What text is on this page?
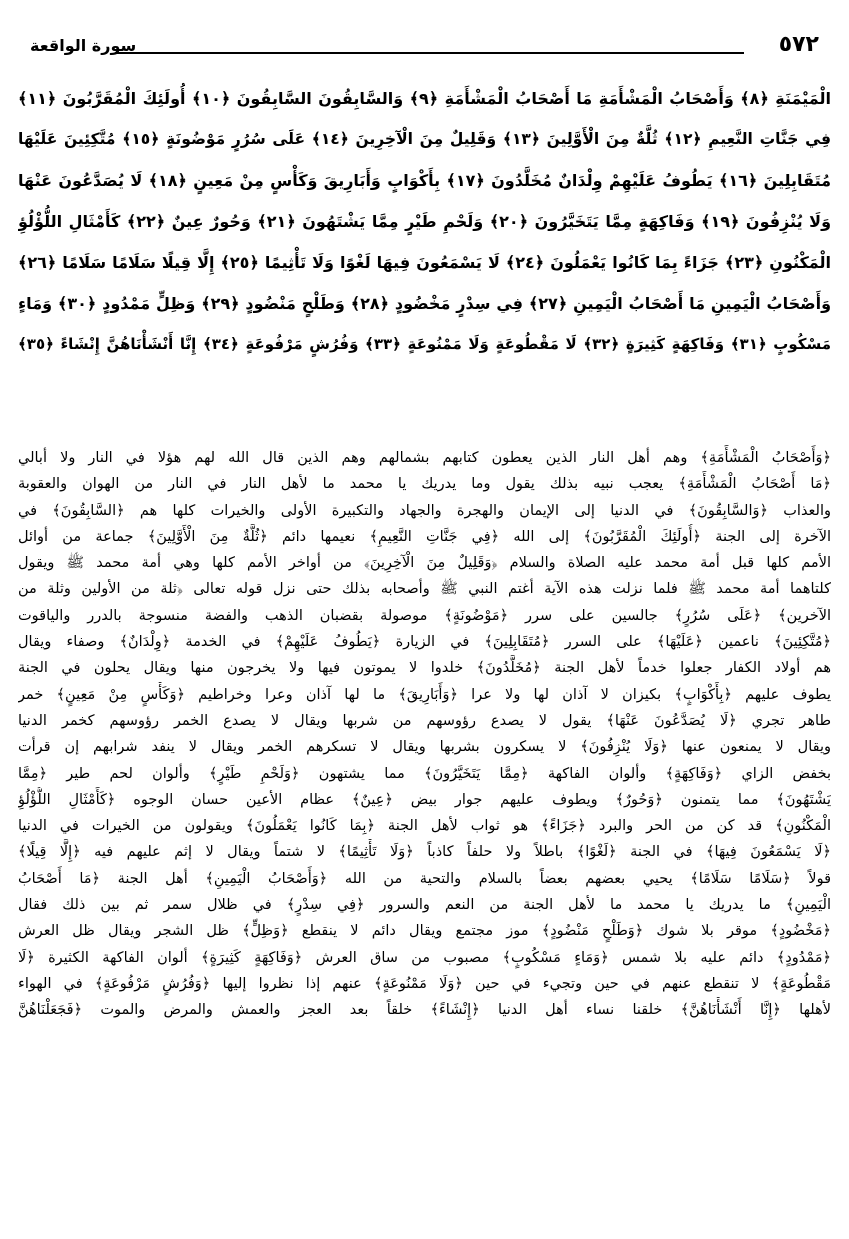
٥٧٢
سورة الواقعة
الْمَيْمَنَةِ ﴿٨﴾ وَأَصْحَابُ الْمَشْأَمَةِ مَا أَصْحَابُ الْمَشْأَمَةِ ﴿٩﴾ وَالسَّابِقُونَ السَّابِقُونَ ﴿١٠﴾ أُولَئِكَ الْمُقَرَّبُونَ ﴿١١﴾
فِي جَنَّاتِ النَّعِيمِ ﴿١٢﴾ ثُلَّةٌ مِنَ الْأَوَّلِينَ ﴿١٣﴾ وَقَلِيلٌ مِنَ الْآخِرِينَ ﴿١٤﴾ عَلَى سُرُرٍ مَوْضُونَةٍ ﴿١٥﴾ مُتَّكِئِينَ عَلَيْهَا
مُتَقَابِلِينَ ﴿١٦﴾ يَطُوفُ عَلَيْهِمْ وِلْدَانٌ مُخَلَّدُونَ ﴿١٧﴾ بِأَكْوَابٍ وَأَبَارِيقَ وَكَأْسٍ مِنْ مَعِينٍ ﴿١٨﴾ لَا يُصَدَّعُونَ عَنْهَا
وَلَا يُنْزِفُونَ ﴿١٩﴾ وَفَاكِهَةٍ مِمَّا يَتَخَيَّرُونَ ﴿٢٠﴾ وَلَحْمِ طَيْرٍ مِمَّا يَشْتَهُونَ ﴿٢١﴾ وَحُورٌ عِينٌ ﴿٢٢﴾ كَأَمْثَالِ اللُّؤْلُؤِ
الْمَكْنُونِ ﴿٢٣﴾ جَزَاءً بِمَا كَانُوا يَعْمَلُونَ ﴿٢٤﴾ لَا يَسْمَعُونَ فِيهَا لَغْوًا وَلَا تَأْثِيمًا ﴿٢٥﴾ إِلَّا قِيلًا سَلَامًا سَلَامًا ﴿٢٦﴾
وَأَصْحَابُ الْيَمِينِ مَا أَصْحَابُ الْيَمِينِ ﴿٢٧﴾ فِي سِدْرٍ مَخْضُودٍ ﴿٢٨﴾ وَطَلْحٍ مَنْضُودٍ ﴿٢٩﴾ وَظِلٍّ مَمْدُودٍ ﴿٣٠﴾ وَمَاءٍ
مَسْكُوبٍ ﴿٣١﴾ وَفَاكِهَةٍ كَثِيرَةٍ ﴿٣٢﴾ لَا مَقْطُوعَةٍ وَلَا مَمْنُوعَةٍ ﴿٣٣﴾ وَفُرُشٍ مَرْفُوعَةٍ ﴿٣٤﴾ إِنَّا أَنْشَأْنَاهُنَّ إِنْشَاءً ﴿٣٥﴾
﴿وَأَصْحَابُ الْمَشْأَمَةِ﴾ وهم أهل النار الذين يعطون كتابهم بشمالهم وهم الذين قال الله لهم هؤلا في النار ولا أبالي
﴿مَا أَصْحَابُ الْمَشْأَمَةِ﴾ يعجب نبيه بذلك يقول وما يدريك يا محمد ما لأهل النار في النار من الهوان والعقوبة
والعذاب ﴿وَالسَّابِقُونَ﴾ في الدنيا إلى الإيمان والهجرة والجهاد والتكبيرة الأولى والخيرات كلها هم ﴿السَّابِقُونَ﴾ في
الآخرة إلى الجنة ﴿أُولَئِكَ الْمُقَرَّبُونَ﴾ إلى الله ﴿فِي جَنَّاتِ النَّعِيمِ﴾ نعيمها دائم ﴿ثُلَّةٌ مِنَ الْأَوَّلِينَ﴾ جماعة من أوائل
الأمم كلها قبل أمة محمد عليه الصلاة والسلام ﴿وَقَلِيلٌ مِنَ الْآخِرِينَ﴾ من أواخر الأمم كلها وهي أمة محمد ﷺ ويقول
كلتاهما أمة محمد ﷺ فلما نزلت هذه الآية أغتم النبي ﷺ وأصحابه بذلك حتى نزل قوله تعالى ﴿ثلة من الأولين وثلة من
الآخرين﴾ ﴿عَلَى سُرُرٍ﴾ جالسين على سرر ﴿مَوْضُونَةٍ﴾ موصولة بقضبان الذهب والفضة منسوجة بالدرر والياقوت
﴿مُتَّكِئِينَ﴾ ناعمين ﴿عَلَيْهَا﴾ على السرر ﴿مُتَقَابِلِينَ﴾ في الزيارة ﴿يَطُوفُ عَلَيْهِمْ﴾ في الخدمة ﴿وِلْدَانٌ﴾ وصفاء ويقال
هم أولاد الكفار جعلوا خدماً لأهل الجنة ﴿مُخَلَّدُونَ﴾ خلدوا لا يموتون فيها ولا يخرجون منها ويقال يحلون في الجنة
يطوف عليهم ﴿بِأَكْوَابٍ﴾ بكيزان لا آذان لها ولا عرا ﴿وَأَبَارِيقَ﴾ ما لها آذان وعرا وخراطيم ﴿وَكَأْسٍ مِنْ مَعِينٍ﴾ خمر
طاهر تجري ﴿لَا يُصَدَّعُونَ عَنْهَا﴾ يقول لا يصدع رؤوسهم من شربها ويقال لا يصدع الخمر رؤوسهم كخمر الدنيا
ويقال لا يمنعون عنها ﴿وَلَا يُنْزِفُونَ﴾ لا يسكرون بشربها ويقال لا تسكرهم الخمر ويقال لا ينفد شرابهم إن قرأت
بخفض الزاي ﴿وَفَاكِهَةٍ﴾ وألوان الفاكهة ﴿مِمَّا يَتَخَيَّرُونَ﴾ مما يشتهون ﴿وَلَحْمِ طَيْرٍ﴾ وألوان لحم طير ﴿مِمَّا
يَشْتَهُونَ﴾ مما يتمنون ﴿وَحُورٌ﴾ ويطوف عليهم جوار بيض ﴿عِينٌ﴾ عظام الأعين حسان الوجوه ﴿كَأَمْثَالِ اللُّؤْلُؤِ
الْمَكْنُونِ﴾ قد كن من الحر والبرد ﴿جَزَاءً﴾ هو ثواب لأهل الجنة ﴿بِمَا كَانُوا يَعْمَلُونَ﴾ ويقولون من الخيرات في الدنيا
﴿لَا يَسْمَعُونَ فِيهَا﴾ في الجنة ﴿لَغْوًا﴾ باطلاً ولا حلفاً كاذباً ﴿وَلَا تَأْثِيمًا﴾ لا شتماً ويقال لا إثم عليهم فيه ﴿إِلَّا قِيلًا﴾
قولاً ﴿سَلَامًا سَلَامًا﴾ يحيي بعضهم بعضاً بالسلام والتحية من الله ﴿وَأَصْحَابُ الْيَمِينِ﴾ أهل الجنة ﴿مَا أَصْحَابُ
الْيَمِينِ﴾ ما يدريك يا محمد ما لأهل الجنة من النعم والسرور ﴿فِي سِدْرٍ﴾ في ظلال سمر ثم بين ذلك فقال
﴿مَخْضُودٍ﴾ موقر بلا شوك ﴿وَطَلْحٍ مَنْضُودٍ﴾ موز مجتمع ويقال دائم لا ينقطع ﴿وَظِلٍّ﴾ ظل الشجر ويقال ظل العرش
﴿مَمْدُودٍ﴾ دائم عليه بلا شمس ﴿وَمَاءٍ مَسْكُوبٍ﴾ مصبوب من ساق العرش ﴿وَفَاكِهَةٍ كَثِيرَةٍ﴾ ألوان الفاكهة الكثيرة ﴿لَا
مَقْطُوعَةٍ﴾ لا تنقطع عنهم في حين وتجيء في حين ﴿وَلَا مَمْنُوعَةٍ﴾ عنهم إذا نظروا إليها ﴿وَفُرُشٍ مَرْفُوعَةٍ﴾ في الهواء
لأهلها ﴿إِنَّا أَنْشَأْنَاهُنَّ﴾ خلقنا نساء أهل الدنيا ﴿إِنْشَاءً﴾ خلقاً بعد العجز والعمش والمرض والموت ﴿فَجَعَلْنَاهُنَّ
